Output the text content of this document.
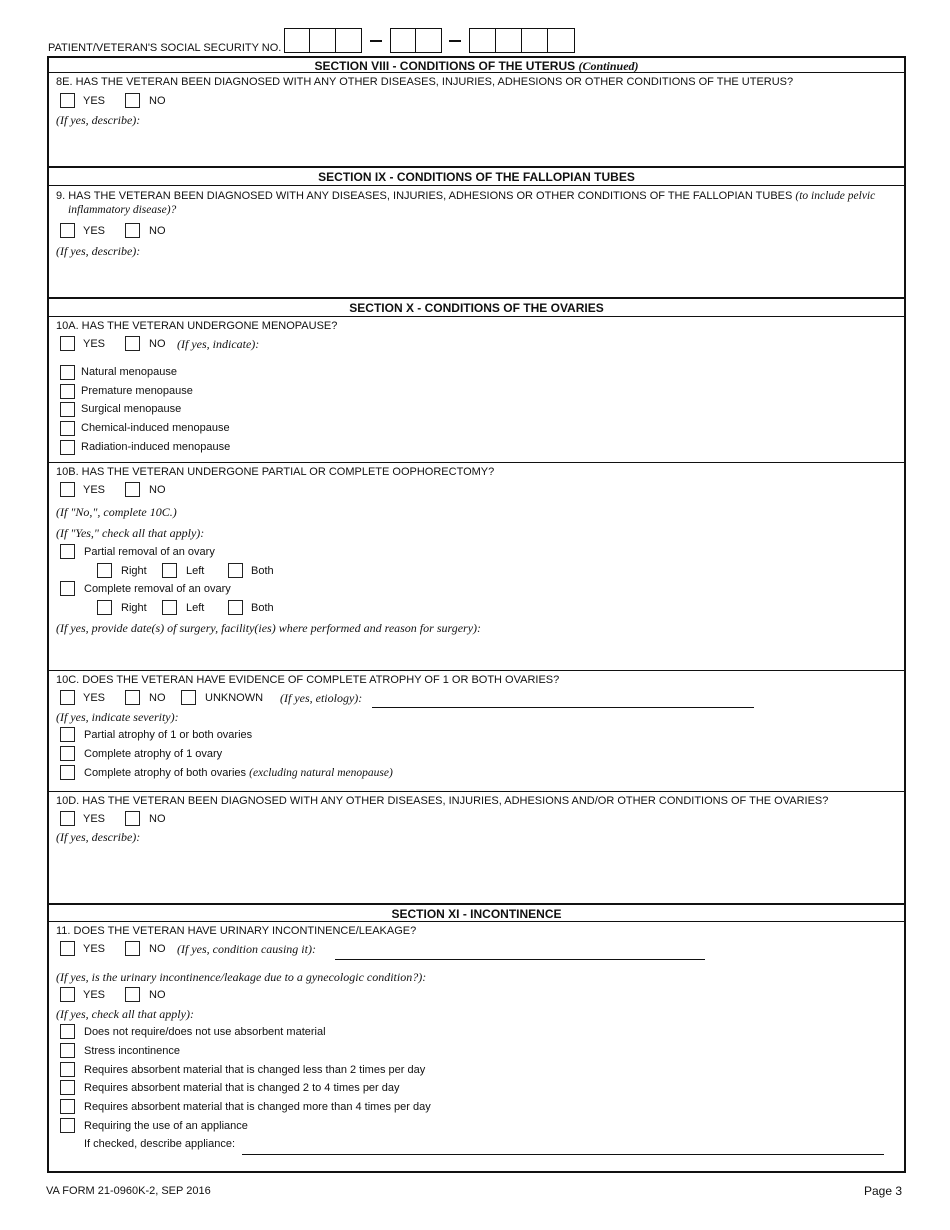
PATIENT/VETERAN'S SOCIAL SECURITY NO.
SECTION VIII - CONDITIONS OF THE UTERUS (Continued)
8E. HAS THE VETERAN BEEN DIAGNOSED WITH ANY OTHER DISEASES, INJURIES, ADHESIONS OR OTHER CONDITIONS OF THE UTERUS?
YES	NO
(If yes, describe):
SECTION IX - CONDITIONS OF THE FALLOPIAN TUBES
9. HAS THE VETERAN BEEN DIAGNOSED WITH ANY DISEASES, INJURIES, ADHESIONS OR OTHER CONDITIONS OF THE FALLOPIAN TUBES (to include pelvic
inflammatory disease)?
YES	NO
(If yes, describe):
SECTION X - CONDITIONS OF THE OVARIES
10A. HAS THE VETERAN UNDERGONE MENOPAUSE?
YES	NO (If yes, indicate):
Natural menopause
Premature menopause
Surgical menopause
Chemical-induced menopause
Radiation-induced menopause
10B. HAS THE VETERAN UNDERGONE PARTIAL OR COMPLETE OOPHORECTOMY?
YES	NO
(If "No,", complete 10C.)
(If "Yes," check all that apply):
Partial removal of an ovary
Right	Left	Both
Complete removal of an ovary
Right	Left	Both
(If yes, provide date(s) of surgery, facility(ies) where performed and reason for surgery):
10C. DOES THE VETERAN HAVE EVIDENCE OF COMPLETE ATROPHY OF 1 OR BOTH OVARIES?
YES	NO	UNKNOWN (If yes, etiology):
(If yes, indicate severity):
Partial atrophy of 1 or both ovaries
Complete atrophy of 1 ovary
Complete atrophy of both ovaries (excluding natural menopause)
10D. HAS THE VETERAN BEEN DIAGNOSED WITH ANY OTHER DISEASES, INJURIES, ADHESIONS AND/OR OTHER CONDITIONS OF THE OVARIES?
YES	NO
(If yes, describe):
SECTION XI - INCONTINENCE
11. DOES THE VETERAN HAVE URINARY INCONTINENCE/LEAKAGE?
YES	NO (If yes, condition causing it):
(If yes, is the urinary incontinence/leakage due to a gynecologic condition?):
YES	NO
(If yes, check all that apply):
Does not require/does not use absorbent material
Stress incontinence
Requires absorbent material that is changed less than 2 times per day
Requires absorbent material that is changed 2 to 4 times per day
Requires absorbent material that is changed more than 4 times per day
Requiring the use of an appliance
If checked, describe appliance:
VA FORM 21-0960K-2, SEP 2016	Page 3
